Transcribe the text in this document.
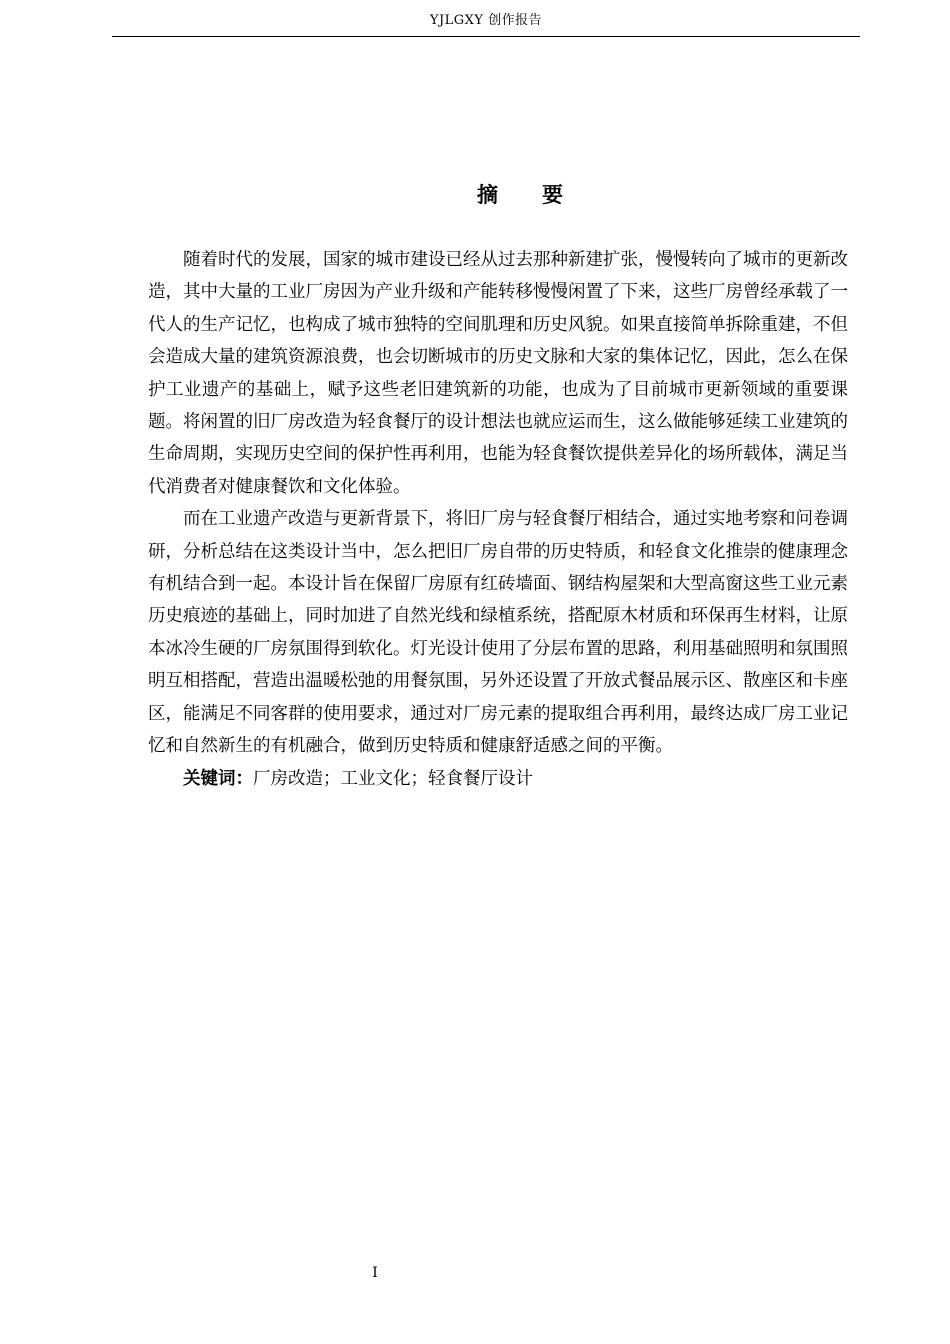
YJLGXY 创作报告
摘 要

随着时代的发展，国家的城市建设已经从过去那种新建扩张，慢慢转向了城市的更新改造，其中大量的工业厂房因为产业升级和产能转移慢慢闲置了下来，这些厂房曾经承载了一代人的生产记忆，也构成了城市独特的空间肌理和历史风貌。如果直接简单拆除重建，不但会造成大量的建筑资源浪费，也会切断城市的历史文脉和大家的集体记忆，因此，怎么在保护工业遗产的基础上，赋予这些老旧建筑新的功能，也成为了目前城市更新领域的重要课题。将闲置的旧厂房改造为轻食餐厅的设计想法也就应运而生，这么做能够延续工业建筑的生命周期，实现历史空间的保护性再利用，也能为轻食餐饮提供差异化的场所载体，满足当代消费者对健康餐饮和文化体验。

而在工业遗产改造与更新背景下，将旧厂房与轻食餐厅相结合，通过实地考察和问卷调研，分析总结在这类设计当中，怎么把旧厂房自带的历史特质，和轻食文化推崇的健康理念有机结合到一起。本设计旨在保留厂房原有红砖墙面、钢结构屋架和大型高窗这些工业元素历史痕迹的基础上，同时加进了自然光线和绿植系统，搭配原木材质和环保再生材料，让原本冰冷生硬的厂房氛围得到软化。灯光设计使用了分层布置的思路，利用基础照明和氛围照明互相搭配，营造出温暖松弛的用餐氛围，另外还设置了开放式餐品展示区、散座区和卡座区，能满足不同客群的使用要求，通过对厂房元素的提取组合再利用，最终达成厂房工业记忆和自然新生的有机融合，做到历史特质和健康舒适感之间的平衡。

关键词：厂房改造；工业文化；轻食餐厅设计

I
